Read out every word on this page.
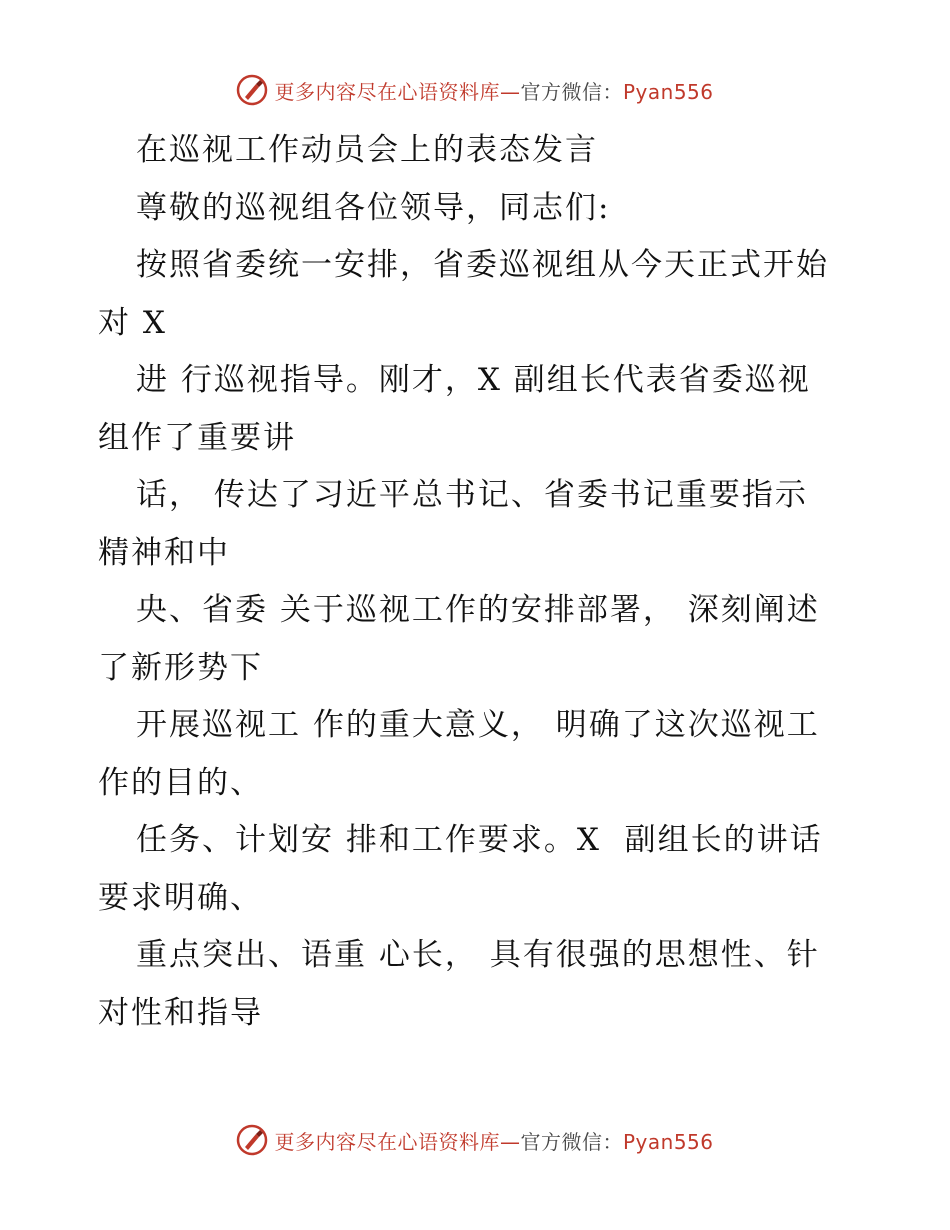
更多内容尽在心语资料库—官方微信：Pyan556
在巡视工作动员会上的表态发言
尊敬的巡视组各位领导，同志们:
按照省委统一安排，省委巡视组从今天正式开始
对 X
进 行巡视指导。刚才，X 副组长代表省委巡视
组作了重要讲
话， 传达了习近平总书记、省委书记重要指示
精神和中
央、省委 关于巡视工作的安排部署， 深刻阐述
了新形势下
开展巡视工 作的重大意义， 明确了这次巡视工
作的目的、
任务、计划安 排和工作要求。X  副组长的讲话
要求明确、
重点突出、语重 心长， 具有很强的思想性、针
对性和指导
更多内容尽在心语资料库—官方微信：Pyan556
